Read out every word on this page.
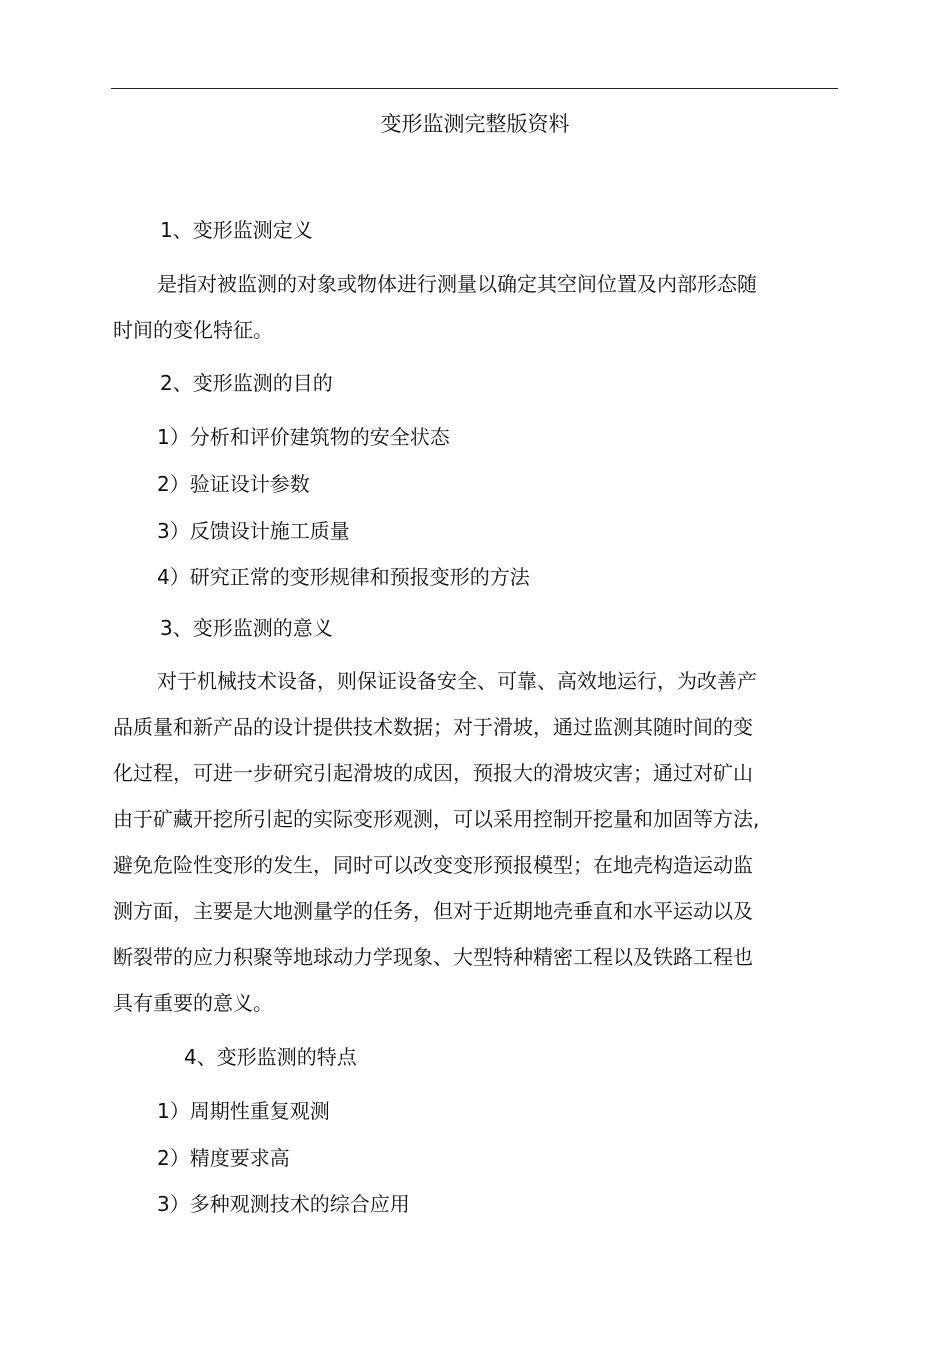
变形监测完整版资料
1、变形监测定义
是指对被监测的对象或物体进行测量以确定其空间位置及内部形态随
时间的变化特征。
2、变形监测的目的
1）分析和评价建筑物的安全状态
2）验证设计参数
3）反馈设计施工质量
4）研究正常的变形规律和预报变形的方法
3、变形监测的意义
对于机械技术设备，则保证设备安全、可靠、高效地运行，为改善产
品质量和新产品的设计提供技术数据；对于滑坡，通过监测其随时间的变
化过程，可进一步研究引起滑坡的成因，预报大的滑坡灾害；通过对矿山
由于矿藏开挖所引起的实际变形观测，可以采用控制开挖量和加固等方法,
避免危险性变形的发生，同时可以改变变形预报模型；在地壳构造运动监
测方面，主要是大地测量学的任务，但对于近期地壳垂直和水平运动以及
断裂带的应力积聚等地球动力学现象、大型特种精密工程以及铁路工程也
具有重要的意义。
4、变形监测的特点
1）周期性重复观测
2）精度要求高
3）多种观测技术的综合应用
